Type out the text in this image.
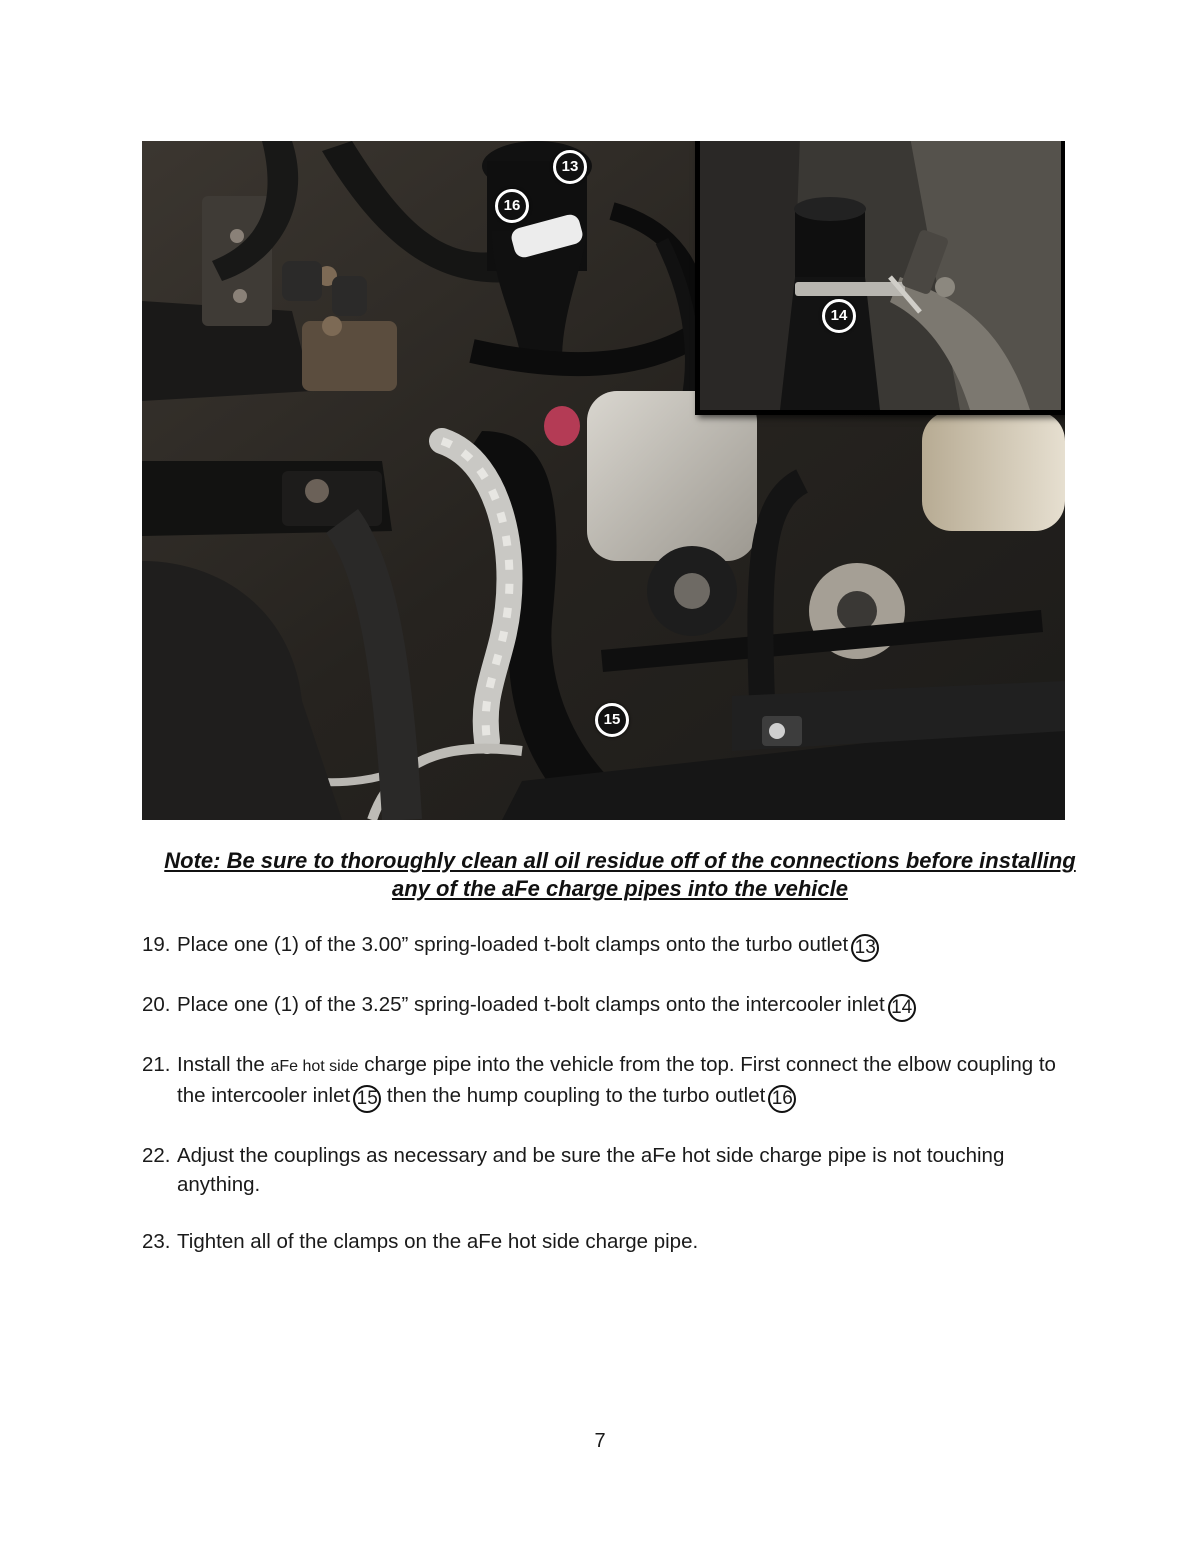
13
16
15
14
Note: Be sure to thoroughly clean all oil residue off of the connections before installing any of the aFe charge pipes into the vehicle
19. Place one (1) of the 3.00” spring-loaded t-bolt clamps onto the turbo outlet 13
20. Place one (1) of the 3.25” spring-loaded t-bolt clamps onto the intercooler inlet 14
21. Install the aFe hot side charge pipe into the vehicle from the top. First connect the elbow coupling to the intercooler inlet 15 then the hump coupling to the turbo outlet 16
22. Adjust the couplings as necessary and be sure the aFe hot side charge pipe is not touching anything.
23. Tighten all of the clamps on the aFe hot side charge pipe.
7
